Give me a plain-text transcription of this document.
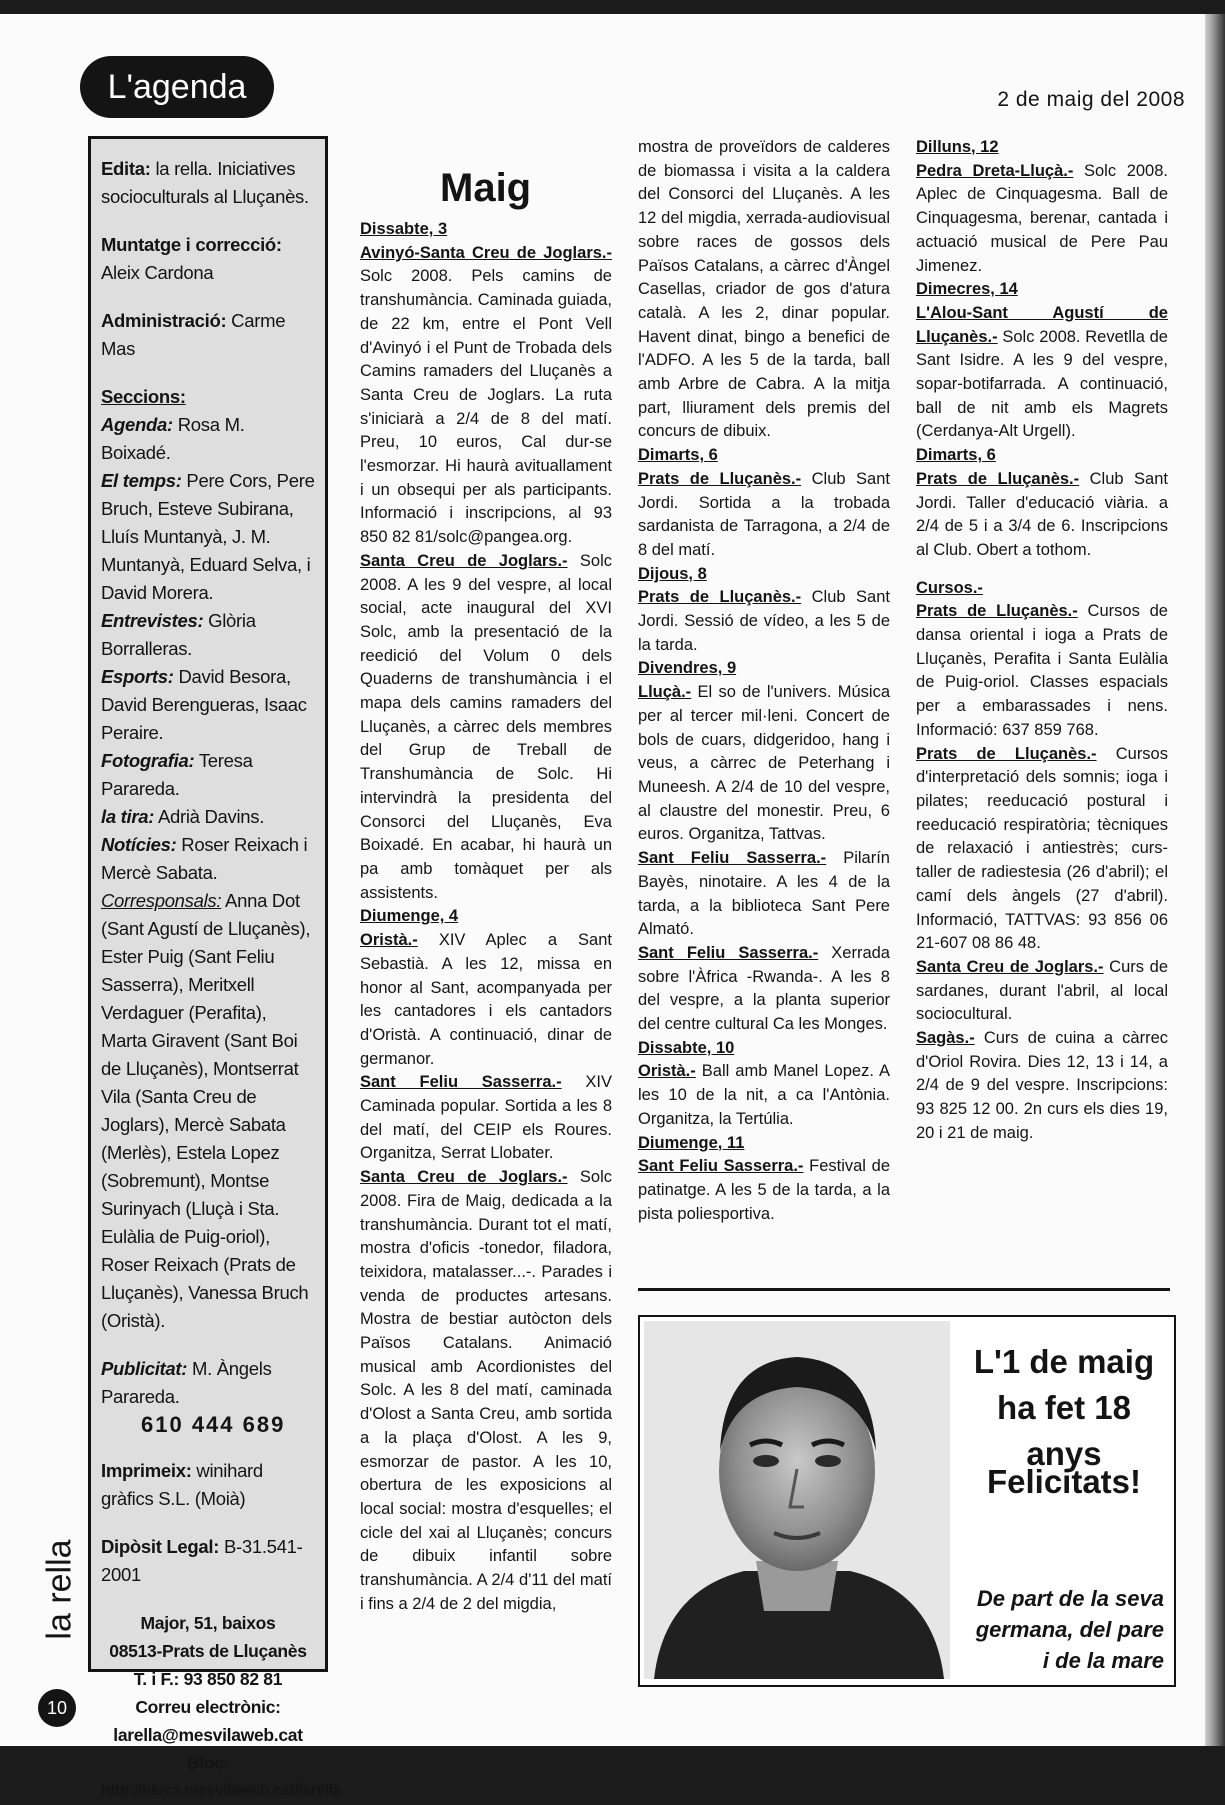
L'agenda	2 de maig del 2008

Edita: la rella. Iniciatives socioculturals al Lluçanès.

Muntatge i correcció: Aleix Cardona

Administració: Carme Mas

Seccions:

Agenda: Rosa M. Boixadé.

El temps: Pere Cors, Pere Bruch, Esteve Subirana, Lluís Muntanyà, J. M. Muntanyà, Eduard Selva, i David Morera.

Entrevistes: Glòria Borralleras.

Esports: David Besora, David Berengueras, Isaac Peraire.

Fotografia: Teresa Parareda.

la tira: Adrià Davins.

Notícies: Roser Reixach i Mercè Sabata.

Corresponsals: Anna Dot (Sant Agustí de Lluçanès), Ester Puig (Sant Feliu Sasserra), Meritxell Verdaguer (Perafita), Marta Giravent (Sant Boi de Lluçanès), Montserrat Vila (Santa Creu de Joglars), Mercè Sabata (Merlès), Estela Lopez (Sobremunt), Montse Surinyach (Lluçà i Sta. Eulàlia de Puig-oriol), Roser Reixach (Prats de Lluçanès), Vanessa Bruch (Oristà).

Publicitat: M. Àngels Parareda.

610 444 689

Imprimeix: winihard gràfics S.L. (Moià)

Dipòsit Legal: B-31.541-2001

Major, 51, baixos
08513-Prats de Lluçanès
T. i F.: 93 850 82 81
Correu electrònic:
larella@mesvilaweb.cat
Bloc:
http://blocs.mesvilaweb.cat/larella
Maig
Dissabte, 3

Avinyó-Santa Creu de Joglars.- Solc 2008. Pels camins de transhumància. Caminada guiada, de 22 km, entre el Pont Vell d'Avinyó i el Punt de Trobada dels Camins ramaders del Lluçanès a Santa Creu de Joglars. La ruta s'iniciarà a 2/4 de 8 del matí. Preu, 10 euros, Cal dur-se l'esmorzar. Hi haurà avituallament i un obsequi per als participants. Informació i inscripcions, al 93 850 82 81/solc@pangea.org.

Santa Creu de Joglars.- Solc 2008. A les 9 del vespre, al local social, acte inaugural del XVI Solc, amb la presentació de la reedició del Volum 0 dels Quaderns de transhumància i el mapa dels camins ramaders del Lluçanès, a càrrec dels membres del Grup de Treball de Transhumància de Solc. Hi intervindrà la presidenta del Consorci del Lluçanès, Eva Boixadé. En acabar, hi haurà un pa amb tomàquet per als assistents.

Diumenge, 4

Oristà.- XIV Aplec a Sant Sebastià. A les 12, missa en honor al Sant, acompanyada per les cantadores i els cantadors d'Oristà. A continuació, dinar de germanor.

Sant Feliu Sasserra.- XIV Caminada popular. Sortida a les 8 del matí, del CEIP els Roures. Organitza, Serrat Llobater.

Santa Creu de Joglars.- Solc 2008. Fira de Maig, dedicada a la transhumància. Durant tot el matí, mostra d'oficis -tonedor, filadora, teixidora, matalasser...-. Parades i venda de productes artesans. Mostra de bestiar autòcton dels Països Catalans. Animació musical amb Acordionistes del Solc. A les 8 del matí, caminada d'Olost a Santa Creu, amb sortida a la plaça d'Olost. A les 9, esmorzar de pastor. A les 10, obertura de les exposicions al local social: mostra d'esquelles; el cicle del xai al Lluçanès; concurs de dibuix infantil sobre transhumància. A 2/4 d'11 del matí i fins a 2/4 de 2 del migdia,

mostra de proveïdors de calderes de biomassa i visita a la caldera del Consorci del Lluçanès. A les 12 del migdia, xerrada-audiovisual sobre races de gossos dels Països Catalans, a càrrec d'Àngel Casellas, criador de gos d'atura català. A les 2, dinar popular. Havent dinat, bingo a benefici de l'ADFO. A les 5 de la tarda, ball amb Arbre de Cabra. A la mitja part, lliurament dels premis del concurs de dibuix.

Dimarts, 6

Prats de Lluçanès.- Club Sant Jordi. Sortida a la trobada sardanista de Tarragona, a 2/4 de 8 del matí.

Dijous, 8

Prats de Lluçanès.- Club Sant Jordi. Sessió de vídeo, a les 5 de la tarda.

Divendres, 9

Lluçà.- El so de l'univers. Música per al tercer mil·leni. Concert de bols de cuars, didgeridoo, hang i veus, a càrrec de Peterhang i Muneesh. A 2/4 de 10 del vespre, al claustre del monestir. Preu, 6 euros. Organitza, Tattvas.

Sant Feliu Sasserra.- Pilarín Bayès, ninotaire. A les 4 de la tarda, a la biblioteca Sant Pere Almató.

Sant Feliu Sasserra.- Xerrada sobre l'Àfrica -Rwanda-. A les 8 del vespre, a la planta superior del centre cultural Ca les Monges.

Dissabte, 10

Oristà.- Ball amb Manel Lopez. A les 10 de la nit, a ca l'Antònia. Organitza, la Tertúlia.

Diumenge, 11

Sant Feliu Sasserra.- Festival de patinatge. A les 5 de la tarda, a la pista poliesportiva.

Dilluns, 12

Pedra Dreta-Lluçà.- Solc 2008. Aplec de Cinquagesma. Ball de Cinquagesma, berenar, cantada i actuació musical de Pere Pau Jimenez.

Dimecres, 14

L'Alou-Sant Agustí de Lluçanès.- Solc 2008. Revetlla de Sant Isidre. A les 9 del vespre, sopar-botifarrada. A continuació, ball de nit amb els Magrets (Cerdanya-Alt Urgell).

Dimarts, 6

Prats de Lluçanès.- Club Sant Jordi. Taller d'educació viària. a 2/4 de 5 i a 3/4 de 6. Inscripcions al Club. Obert a tothom.

Cursos.-

Prats de Lluçanès.- Cursos de dansa oriental i ioga a Prats de Lluçanès, Perafita i Santa Eulàlia de Puig-oriol. Classes espacials per a embarassades i nens. Informació: 637 859 768.

Prats de Lluçanès.- Cursos d'interpretació dels somnis; ioga i pilates; reeducació postural i reeducació respiratòria; tècniques de relaxació i antiestrès; curs-taller de radiestesia (26 d'abril); el camí dels àngels (27 d'abril). Informació, TATTVAS: 93 856 06 21-607 08 86 48.

Santa Creu de Joglars.- Curs de sardanes, durant l'abril, al local sociocultural.

Sagàs.- Curs de cuina a càrrec d'Oriol Rovira. Dies 12, 13 i 14, a 2/4 de 9 del vespre. Inscripcions: 93 825 12 00. 2n curs els dies 19, 20 i 21 de maig.

L'1 de maig
ha fet 18 anys
Felicitats!
De part de la seva
germana, del pare
i de la mare
la rella
10
